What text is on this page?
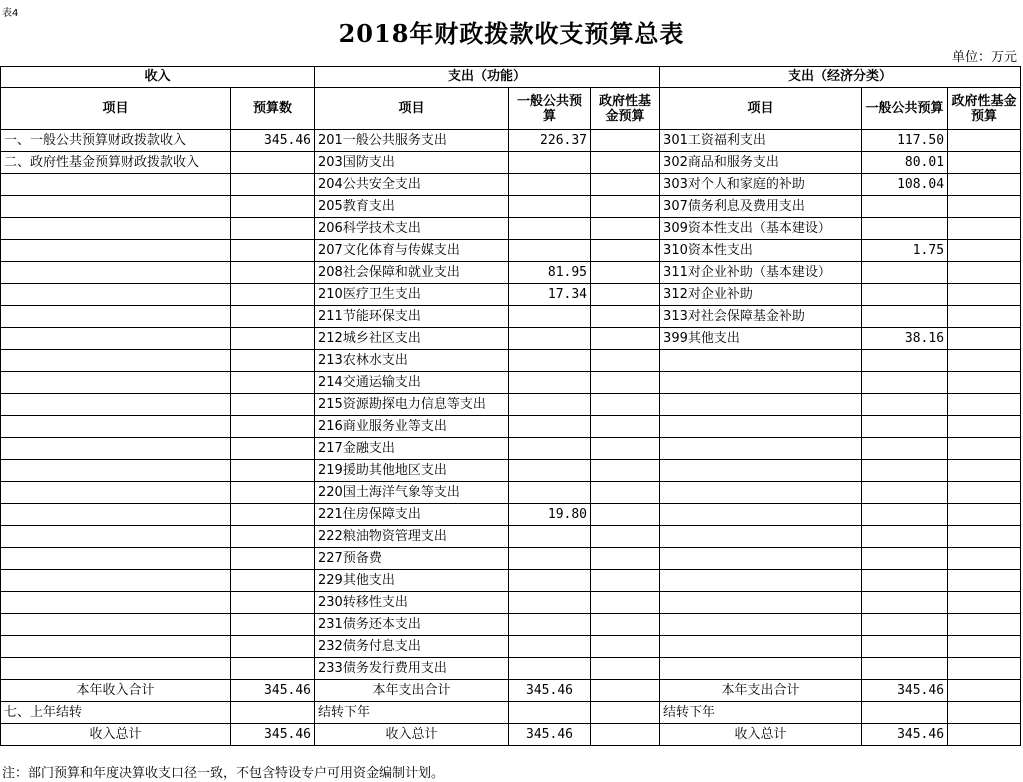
表4
2018年财政拨款收支预算总表
单位：万元
收入		支出（功能）			支出（经济分类）		
项目	预算数	项目	一般公共预算	政府性基金预算	项目	一般公共预算	政府性基金预算
一、一般公共预算财政拨款收入	345.46	201一般公共服务支出	226.37		301工资福利支出	117.50	
二、政府性基金预算财政拨款收入		203国防支出			302商品和服务支出	80.01	
		204公共安全支出			303对个人和家庭的补助	108.04	
		205教育支出			307债务利息及费用支出		
		206科学技术支出			309资本性支出（基本建设）		
		207文化体育与传媒支出			310资本性支出	1.75	
		208社会保障和就业支出	81.95		311对企业补助（基本建设）		
		210医疗卫生支出	17.34		312对企业补助		
		211节能环保支出			313对社会保障基金补助		
		212城乡社区支出			399其他支出	38.16	
		213农林水支出					
		214交通运输支出					
		215资源勘探电力信息等支出					
		216商业服务业等支出					
		217金融支出					
		219援助其他地区支出					
		220国土海洋气象等支出					
		221住房保障支出	19.80				
		222粮油物资管理支出					
		227预备费					
		229其他支出					
		230转移性支出					
		231债务还本支出					
		232债务付息支出					
		233债务发行费用支出					
本年收入合计	345.46	本年支出合计	345.46		本年支出合计	345.46	
七、上年结转		结转下年			结转下年		
收入总计	345.46	收入总计	345.46		收入总计	345.46	
注：部门预算和年度决算收支口径一致，不包含特设专户可用资金编制计划。
